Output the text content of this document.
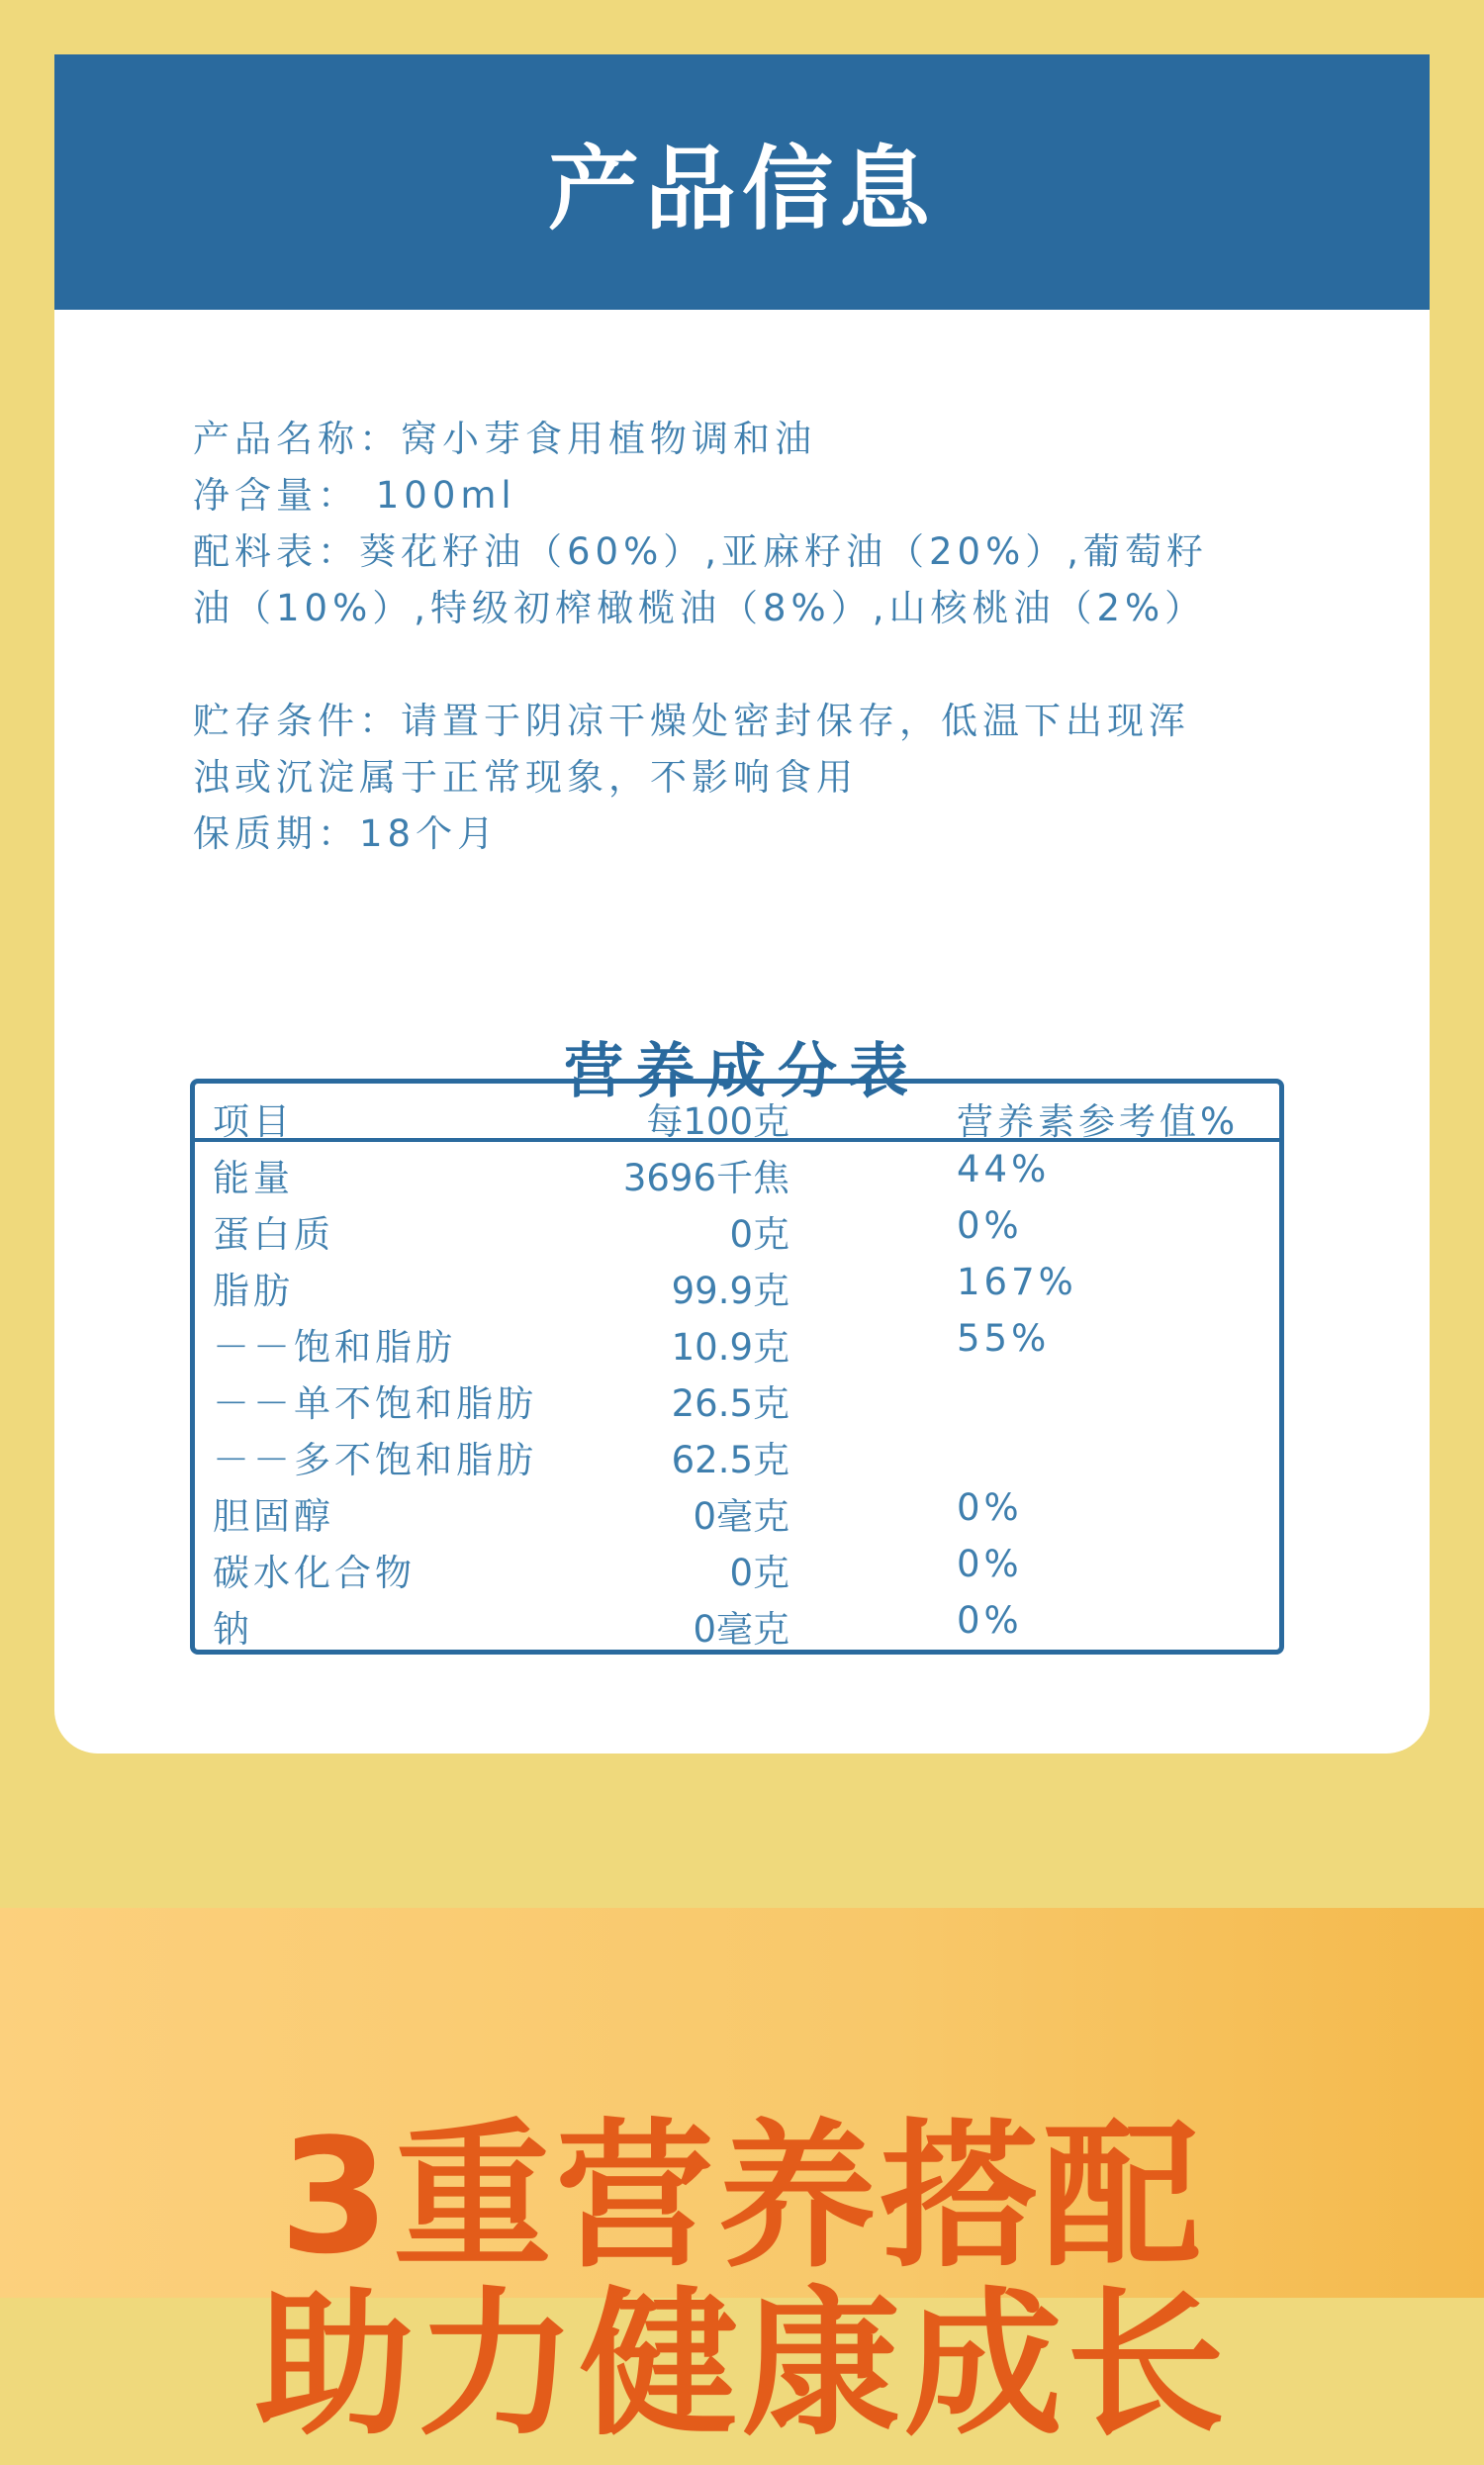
产品信息

产品名称：窝小芽食用植物调和油

净含量： 100ml

配料表：葵花籽油（60%）,亚麻籽油（20%）,葡萄籽

油（10%）,特级初榨橄榄油（8%）,山核桃油（2%）

贮存条件：请置于阴凉干燥处密封保存，低温下出现浑

浊或沉淀属于正常现象，不影响食用

保质期：18个月

营养成分表
项目	每100克	营养素参考值%
能量	3696千焦	44%
蛋白质	0克	0%
脂肪	99.9克	167%
－－饱和脂肪	10.9克	55%
－－单不饱和脂肪	26.5克
－－多不饱和脂肪	62.5克
胆固醇	0毫克	0%
碳水化合物	0克	0%
钠	0毫克	0%
3重营养搭配
助力健康成长
